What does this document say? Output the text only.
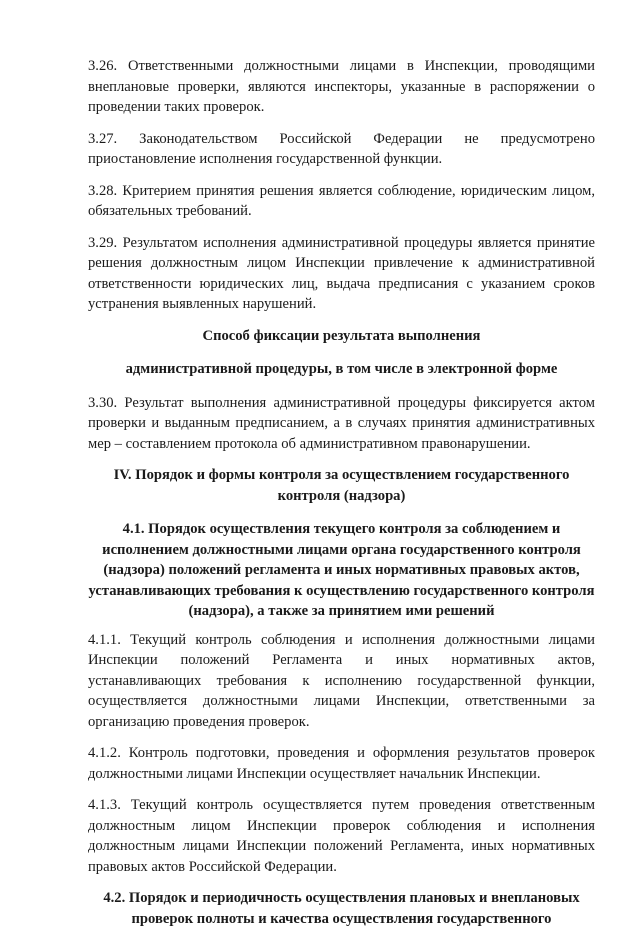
3.26. Ответственными должностными лицами в Инспекции, проводящими внеплановые проверки, являются инспекторы, указанные в распоряжении о проведении таких проверок.

3.27. Законодательством Российской Федерации не предусмотрено приостановление исполнения государственной функции.

3.28. Критерием принятия решения является соблюдение, юридическим лицом, обязательных требований.

3.29. Результатом исполнения административной процедуры является принятие решения должностным лицом Инспекции привлечение к административной ответственности юридических лиц, выдача предписания с указанием сроков устранения выявленных нарушений.

Способ фиксации результата выполнения
административной процедуры, в том числе в электронной форме

3.30. Результат выполнения административной процедуры фиксируется актом проверки и выданным предписанием, а в случаях принятия административных мер – составлением протокола об административном правонарушении.

IV. Порядок и формы контроля за осуществлением государственного контроля (надзора)
4.1. Порядок осуществления текущего контроля за соблюдением и исполнением должностными лицами органа государственного контроля (надзора) положений регламента и иных нормативных правовых актов, устанавливающих требования к осуществлению государственного контроля (надзора), а также за принятием ими решений

4.1.1. Текущий контроль соблюдения и исполнения должностными лицами Инспекции положений Регламента и иных нормативных актов, устанавливающих требования к исполнению государственной функции, осуществляется должностными лицами Инспекции, ответственными за организацию проведения проверок.

4.1.2. Контроль подготовки, проведения и оформления результатов проверок должностными лицами Инспекции осуществляет начальник Инспекции.

4.1.3. Текущий контроль осуществляется путем проведения ответственным должностным лицом Инспекции проверок соблюдения и исполнения должностным лицами Инспекции положений Регламента, иных нормативных правовых актов Российской Федерации.

4.2. Порядок и периодичность осуществления плановых и внеплановых проверок полноты и качества осуществления государственного
